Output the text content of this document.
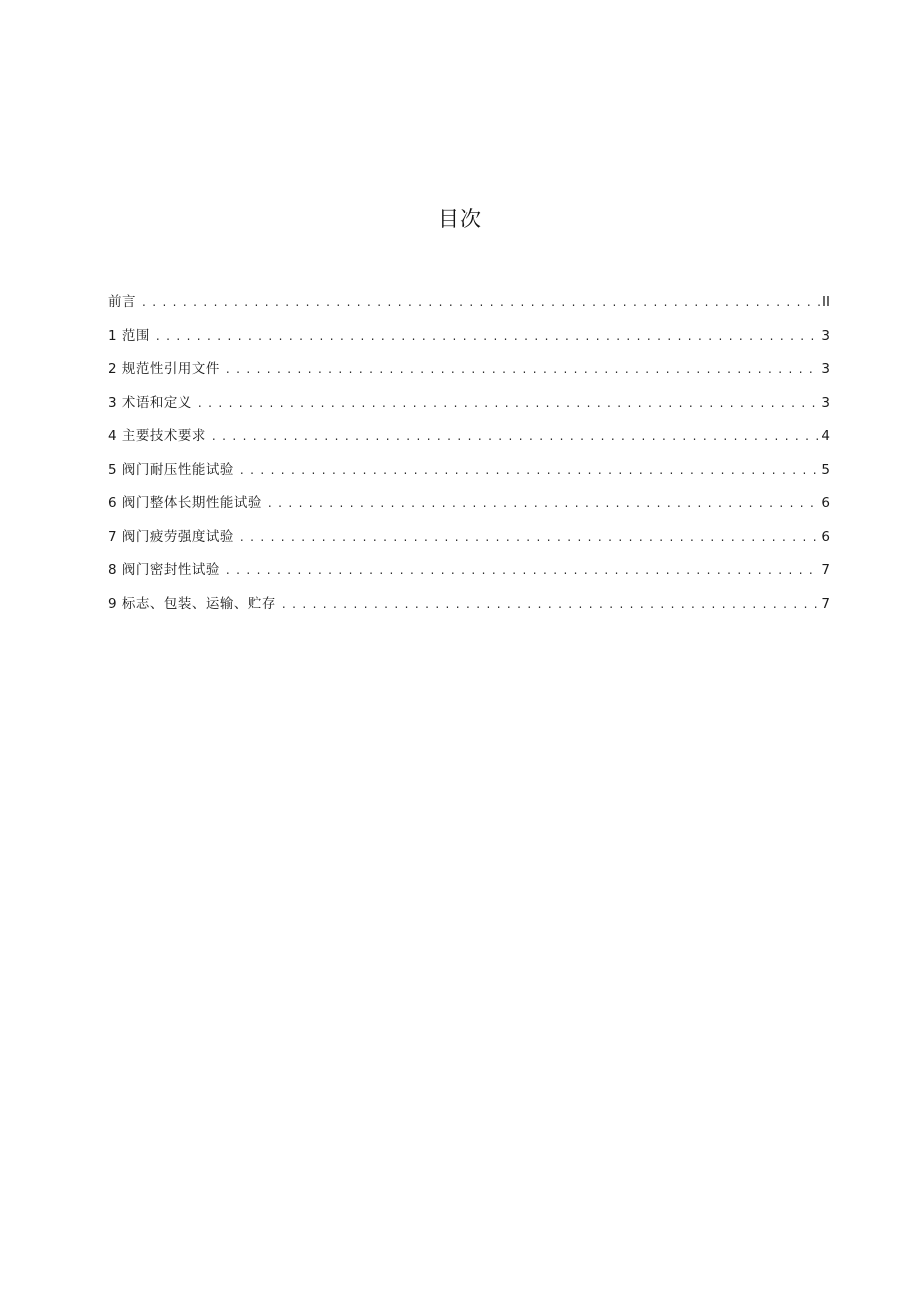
目次
前言 . . .	II
1 范围 . . .	3
2 规范性引用文件 . . .	3
3 术语和定义 . . .	3
4 主要技术要求 . . .	4
5 阀门耐压性能试验 . . .	5
6 阀门整体长期性能试验 . . .	6
7 阀门疲劳强度试验 . . .	6
8 阀门密封性试验 . . .	7
9 标志、包装、运输、贮存 . . .	7
